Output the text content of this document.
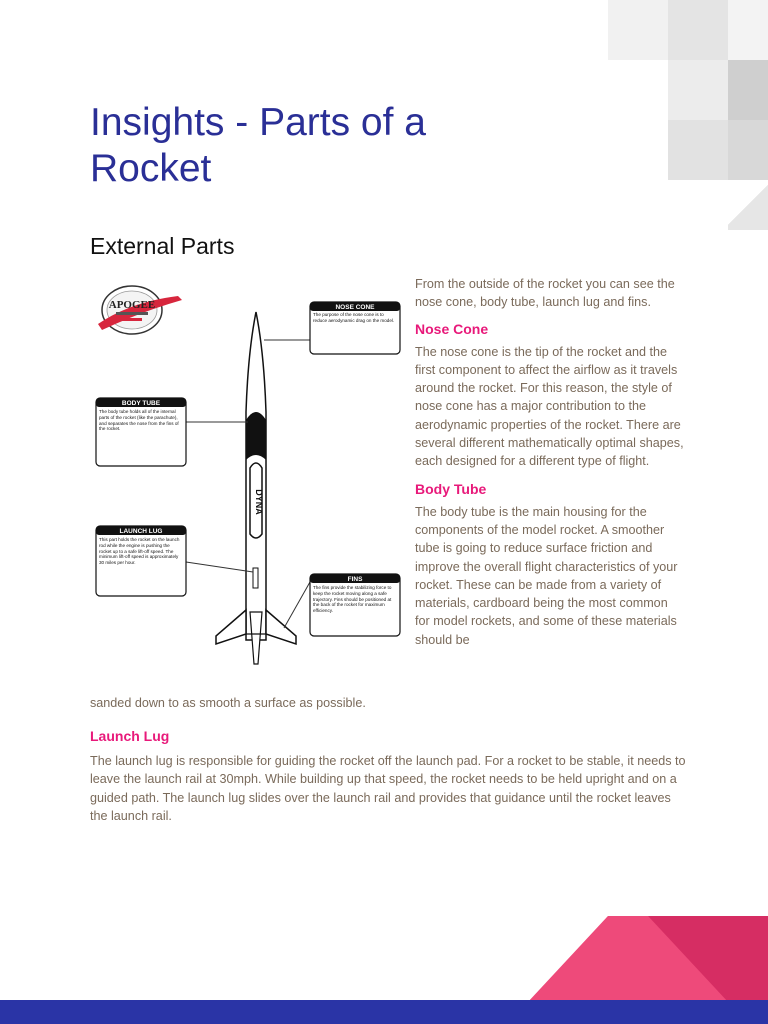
Insights - Parts of a Rocket
External Parts
APOGEE
DYNA
NOSE CONE
The purpose of the nose cone is to reduce aerodynamic drag on the model.
BODY TUBE
The body tube holds all of the internal parts of the rocket (like the parachute), and separates the nose from the fins of the rocket.
LAUNCH LUG
This part holds the rocket on the launch rod while the engine is pushing the rocket up to a safe lift-off speed. The minimum lift-off speed is approximately 30 miles per hour.
FINS
The fins provide the stabilizing force to keep the rocket moving along a safe trajectory. Fins should be positioned at the back of the rocket for maximum efficiency.

From the outside of the rocket you can see the nose cone, body tube, launch lug and fins.

Nose Cone

The nose cone is the tip of the rocket and the first component to affect the airflow as it travels around the rocket. For this reason, the style of nose cone has a major contribution to the aerodynamic properties of the rocket. There are several different mathematically optimal shapes, each designed for a different type of flight.

Body Tube

The body tube is the main housing for the components of the model rocket. A smoother tube is going to reduce surface friction and improve the overall flight characteristics of your rocket. These can be made from a variety of materials, cardboard being the most common for model rockets, and some of these materials should be

sanded down to as smooth a surface as possible.

Launch Lug

The launch lug is responsible for guiding the rocket off the launch pad. For a rocket to be stable, it needs to leave the launch rail at 30mph. While building up that speed, the rocket needs to be held upright and on a guided path. The launch lug slides over the launch rail and provides that guidance until the rocket leaves the launch rail.
